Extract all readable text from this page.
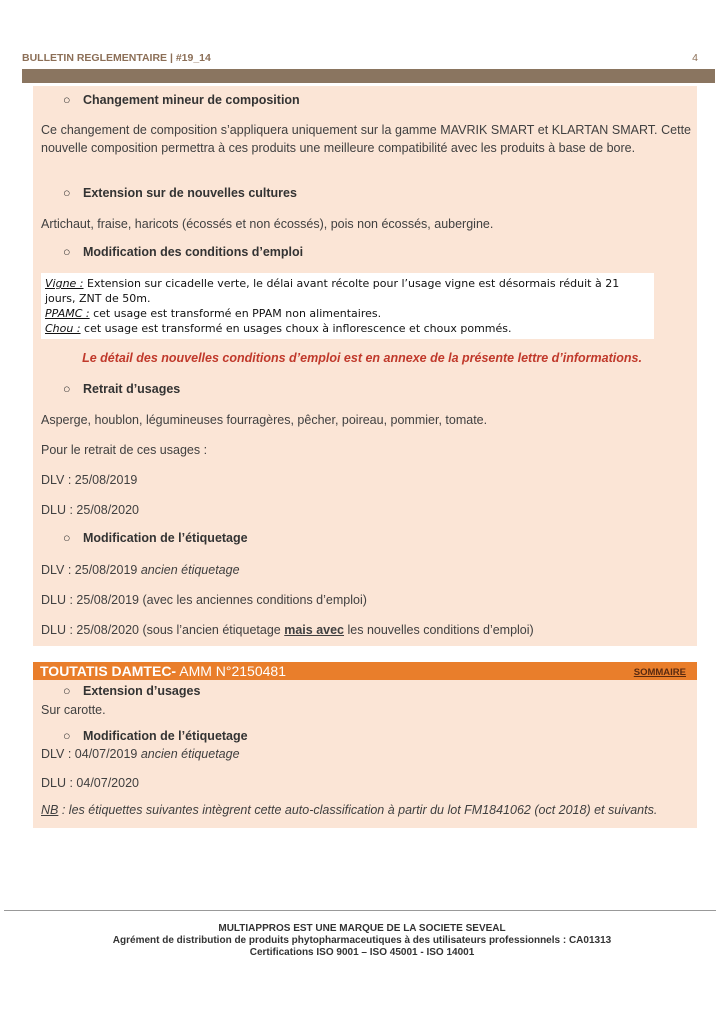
BULLETIN REGLEMENTAIRE | #19_14	4
○ Changement mineur de composition

Ce changement de composition s’appliquera uniquement sur la gamme MAVRIK SMART et KLARTAN SMART. Cette nouvelle composition permettra à ces produits une meilleure compatibilité avec les produits à base de bore.

○ Extension sur de nouvelles cultures

Artichaut, fraise, haricots (écossés et non écossés), pois non écossés, aubergine.

○ Modification des conditions d’emploi

Vigne : Extension sur cicadelle verte, le délai avant récolte pour l’usage vigne est désormais réduit à 21 jours, ZNT de 50m.

PPAMC : cet usage est transformé en PPAM non alimentaires.

Chou : cet usage est transformé en usages choux à inflorescence et choux pommés.

Le détail des nouvelles conditions d’emploi est en annexe de la présente lettre d’informations.
○ Retrait d’usages

Asperge, houblon, légumineuses fourragères, pêcher, poireau, pommier, tomate.

Pour le retrait de ces usages :

DLV : 25/08/2019

DLU : 25/08/2020

○ Modification de l’étiquetage

DLV : 25/08/2019 ancien étiquetage

DLU : 25/08/2019 (avec les anciennes conditions d’emploi)

DLU : 25/08/2020 (sous l’ancien étiquetage mais avec les nouvelles conditions d’emploi)

TOUTATIS DAMTEC- AMM N°2150481	SOMMAIRE
○ Extension d’usages

Sur carotte.

○ Modification de l’étiquetage

DLV : 04/07/2019 ancien étiquetage

DLU : 04/07/2020

NB : les étiquettes suivantes intègrent cette auto-classification à partir du lot FM1841062 (oct 2018) et suivants.

MULTIAPPROS EST UNE MARQUE DE LA SOCIETE SEVEAL
Agrément de distribution de produits phytopharmaceutiques à des utilisateurs professionnels : CA01313
Certifications ISO 9001 – ISO 45001 - ISO 14001
